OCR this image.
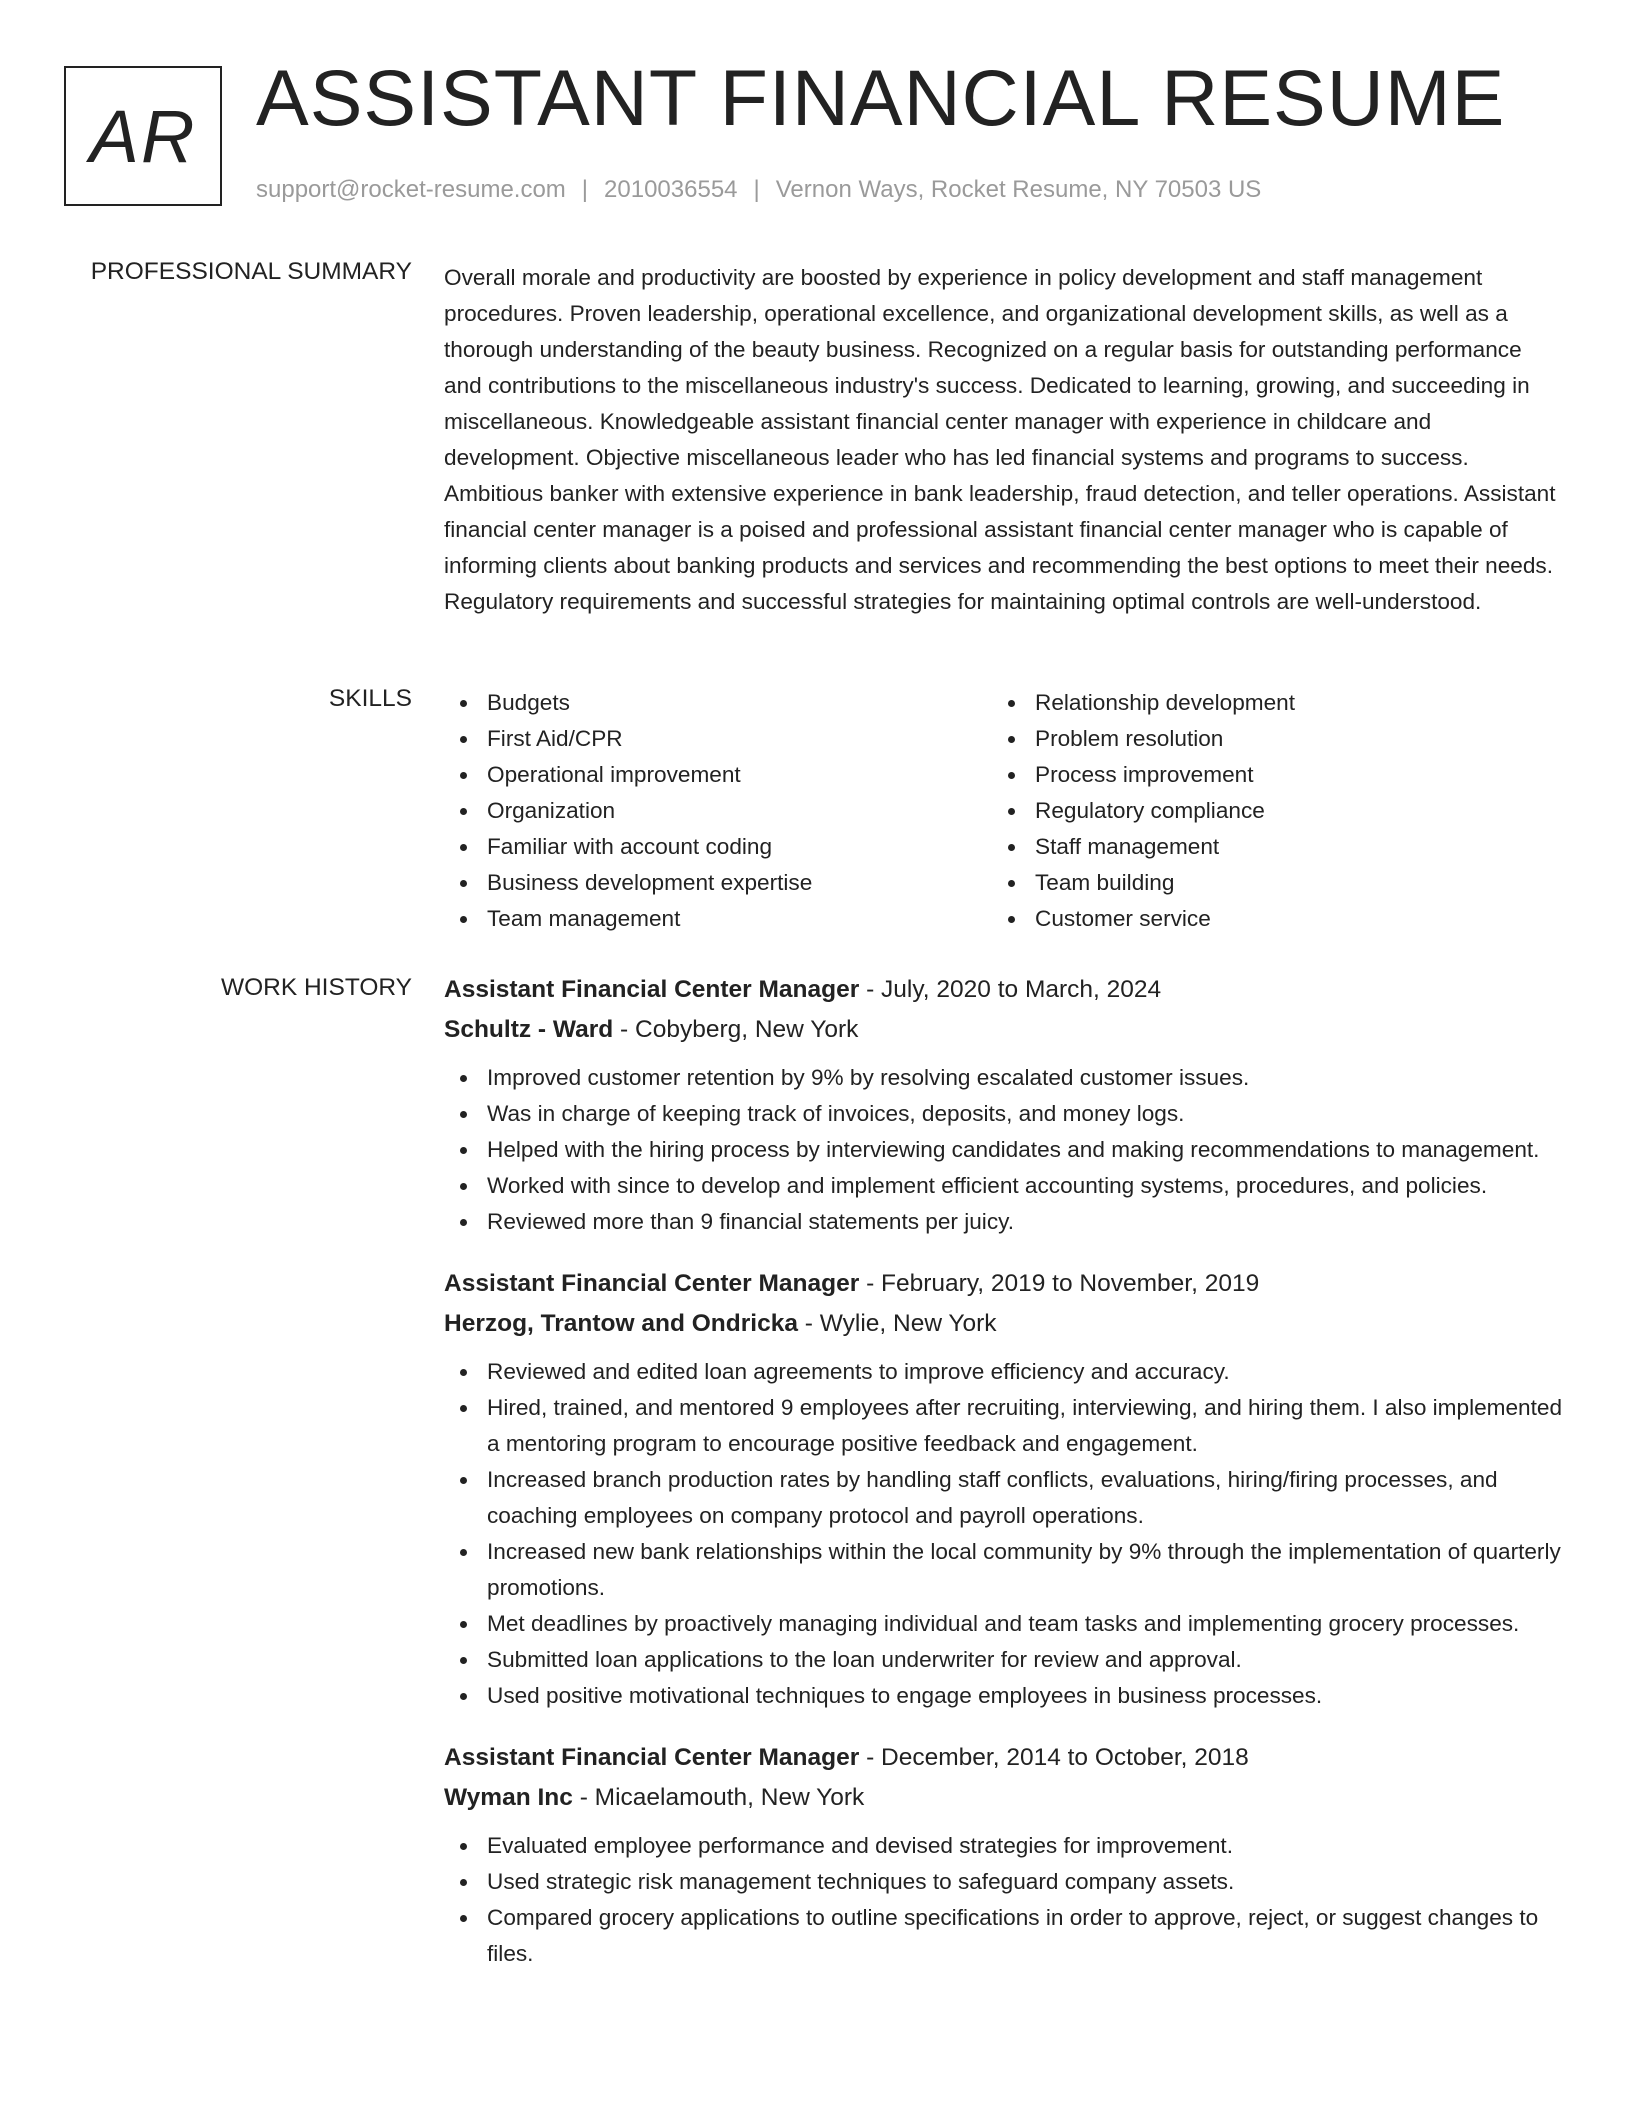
AR ASSISTANT FINANCIAL RESUME
support@rocket-resume.com | 2010036554 | Vernon Ways, Rocket Resume, NY 70503 US
PROFESSIONAL SUMMARY Overall morale and productivity are boosted by experience in policy development and staff management procedures. Proven leadership, operational excellence, and organizational development skills, as well as a thorough understanding of the beauty business. Recognized on a regular basis for outstanding performance and contributions to the miscellaneous industry's success. Dedicated to learning, growing, and succeeding in miscellaneous. Knowledgeable assistant financial center manager with experience in childcare and development. Objective miscellaneous leader who has led financial systems and programs to success. Ambitious banker with extensive experience in bank leadership, fraud detection, and teller operations. Assistant financial center manager is a poised and professional assistant financial center manager who is capable of informing clients about banking products and services and recommending the best options to meet their needs. Regulatory requirements and successful strategies for maintaining optimal controls are well-understood.

SKILLS	Budgets
First Aid/CPR
Operational improvement
Organization
Familiar with account coding
Business development expertise
Team management
Relationship development
Problem resolution
Process improvement
Regulatory compliance
Staff management
Team building
Customer service
WORK HISTORY Assistant Financial Center Manager - July, 2020 to March, 2024
Schultz - Ward - Cobyberg, New York
Improved customer retention by 9% by resolving escalated customer issues.
Was in charge of keeping track of invoices, deposits, and money logs.
Helped with the hiring process by interviewing candidates and making recommendations to management.
Worked with since to develop and implement efficient accounting systems, procedures, and policies.
Reviewed more than 9 financial statements per juicy.
Assistant Financial Center Manager - February, 2019 to November, 2019
Herzog, Trantow and Ondricka - Wylie, New York
Reviewed and edited loan agreements to improve efficiency and accuracy.
Hired, trained, and mentored 9 employees after recruiting, interviewing, and hiring them. I also implemented a mentoring program to encourage positive feedback and engagement.
Increased branch production rates by handling staff conflicts, evaluations, hiring/firing processes, and coaching employees on company protocol and payroll operations.
Increased new bank relationships within the local community by 9% through the implementation of quarterly promotions.
Met deadlines by proactively managing individual and team tasks and implementing grocery processes.
Submitted loan applications to the loan underwriter for review and approval.
Used positive motivational techniques to engage employees in business processes.
Assistant Financial Center Manager - December, 2014 to October, 2018
Wyman Inc - Micaelamouth, New York
Evaluated employee performance and devised strategies for improvement.
Used strategic risk management techniques to safeguard company assets.
Compared grocery applications to outline specifications in order to approve, reject, or suggest changes to files.
